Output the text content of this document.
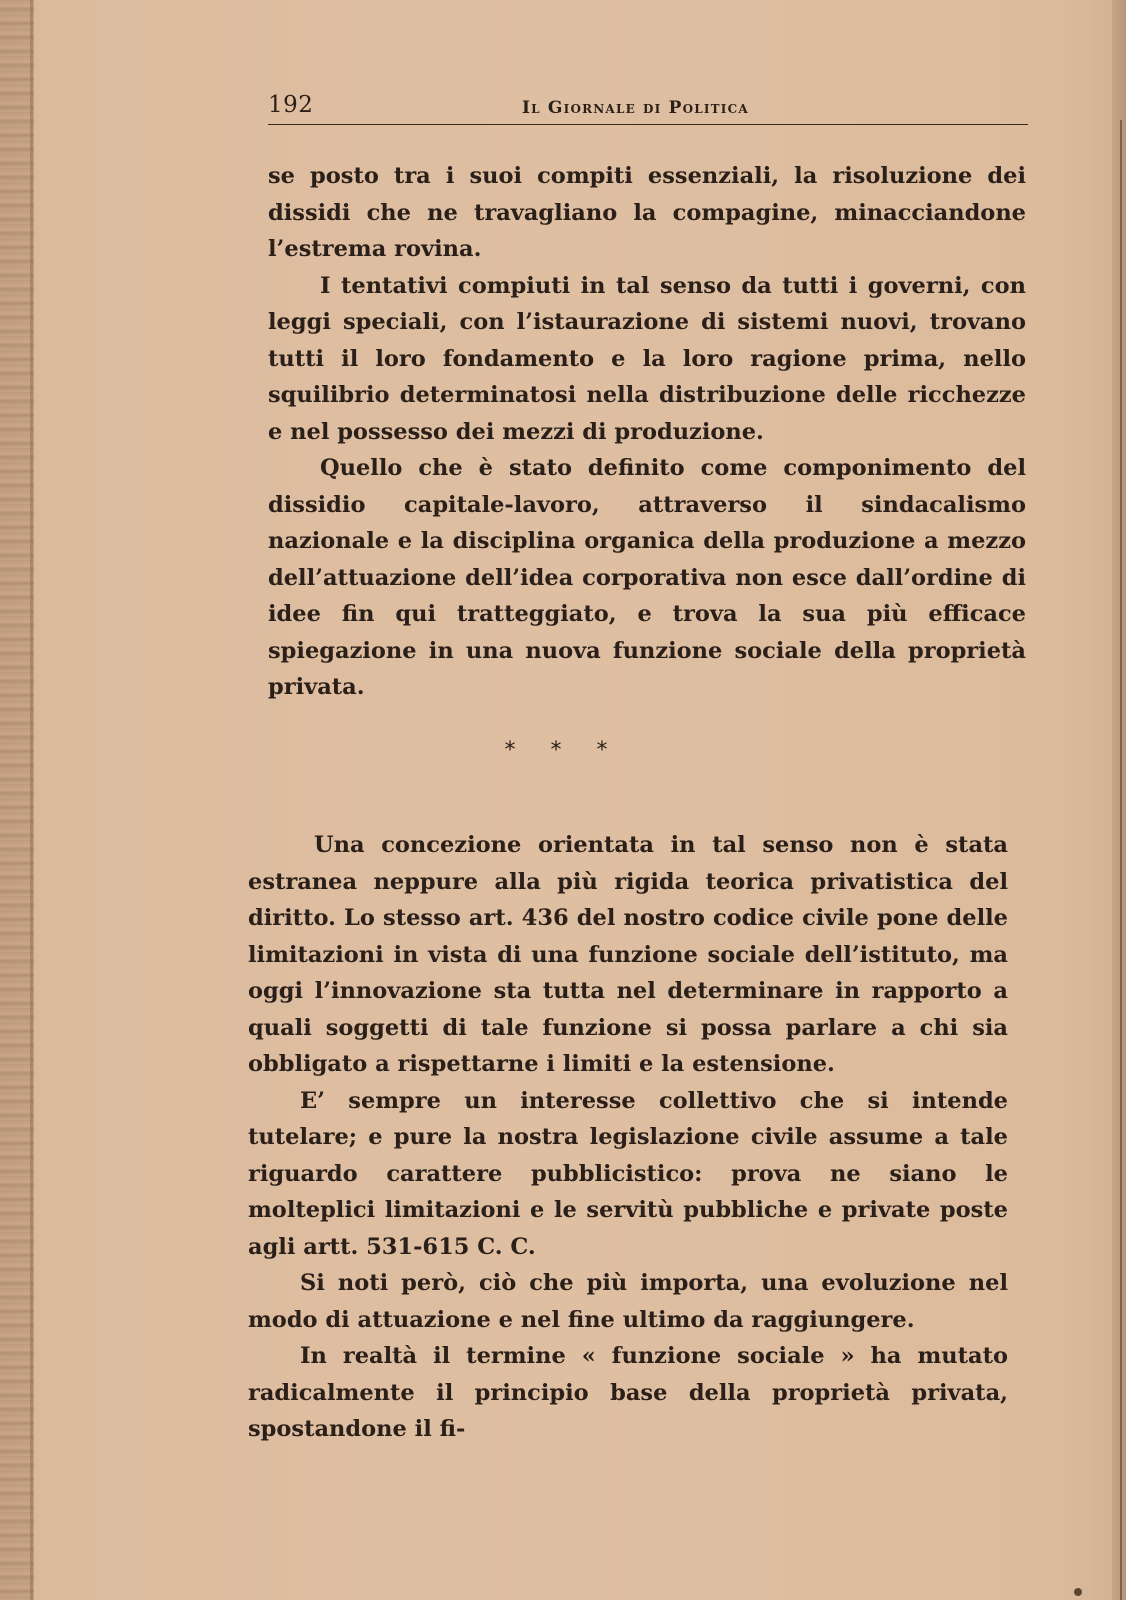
192	Il Giornale di Politica

se posto tra i suoi compiti essenziali, la risoluzione dei dissidi che ne travagliano la compagine, minacciandone l’estrema rovina.

I tentativi compiuti in tal senso da tutti i governi, con leggi speciali, con l’istaurazione di sistemi nuovi, trovano tutti il loro fondamento e la loro ragione prima, nello squilibrio determinatosi nella distribuzione delle ricchezze e nel possesso dei mezzi di produzione.

Quello che è stato definito come componimento del dissidio capitale-lavoro, attraverso il sindacalismo nazionale e la disciplina organica della produzione a mezzo dell’attuazione dell’idea corporativa non esce dall’ordine di idee fin qui tratteggiato, e trova la sua più efficace spiegazione in una nuova funzione sociale della proprietà privata.

* * *

Una concezione orientata in tal senso non è stata estranea neppure alla più rigida teorica privatistica del diritto. Lo stesso art. 436 del nostro codice civile pone delle limitazioni in vista di una funzione sociale dell’istituto, ma oggi l’innovazione sta tutta nel determinare in rapporto a quali soggetti di tale funzione si possa parlare a chi sia obbligato a rispettarne i limiti e la estensione.

E’ sempre un interesse collettivo che si intende tutelare; e pure la nostra legislazione civile assume a tale riguardo carattere pubblicistico: prova ne siano le molteplici limitazioni e le servitù pubbliche e private poste agli artt. 531-615 C. C.

Si noti però, ciò che più importa, una evoluzione nel modo di attuazione e nel fine ultimo da raggiungere.

In realtà il termine « funzione sociale » ha mutato radicalmente il principio base della proprietà privata, spostandone il fi-
